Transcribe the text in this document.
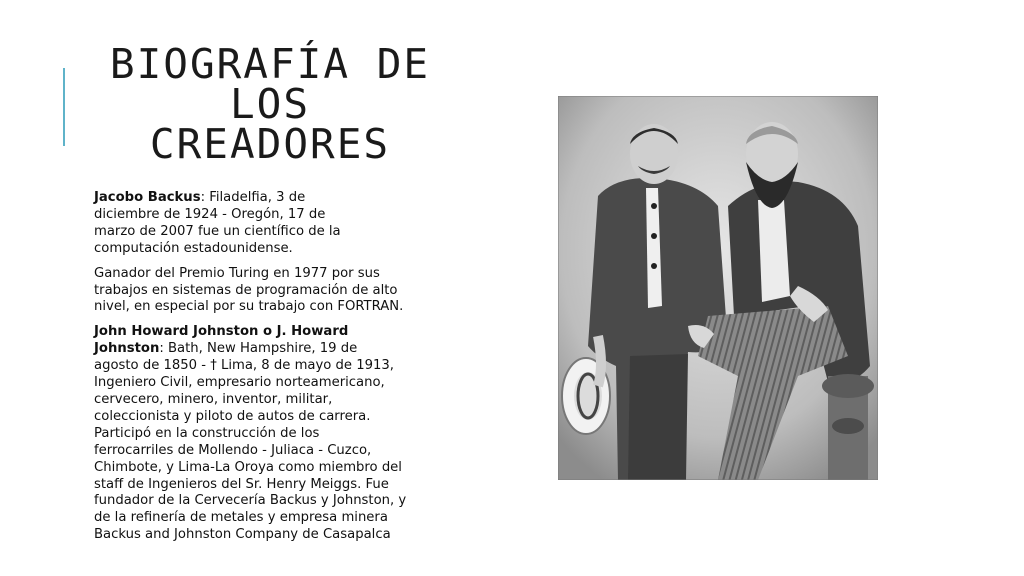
BIOGRAFÍA DE
LOS
CREADORES

Jacobo Backus: Filadelfia, 3 de
diciembre de 1924 - Oregón, 17 de
marzo de 2007 fue un científico de la
computación estadounidense.

Ganador del Premio Turing en 1977 por sus
trabajos en sistemas de programación de alto
nivel, en especial por su trabajo con FORTRAN.

John Howard Johnston o J. Howard
Johnston: Bath, New Hampshire, 19 de
agosto de 1850 - † Lima, 8 de mayo de 1913,
Ingeniero Civil, empresario norteamericano,
cervecero, minero, inventor, militar,
coleccionista y piloto de autos de carrera.
Participó en la construcción de los
ferrocarriles de Mollendo - Juliaca - Cuzco,
Chimbote, y Lima-La Oroya como miembro del
staff de Ingenieros del Sr. Henry Meiggs. Fue
fundador de la Cervecería Backus y Johnston, y
de la refinería de metales y empresa minera
Backus and Johnston Company de Casapalca
